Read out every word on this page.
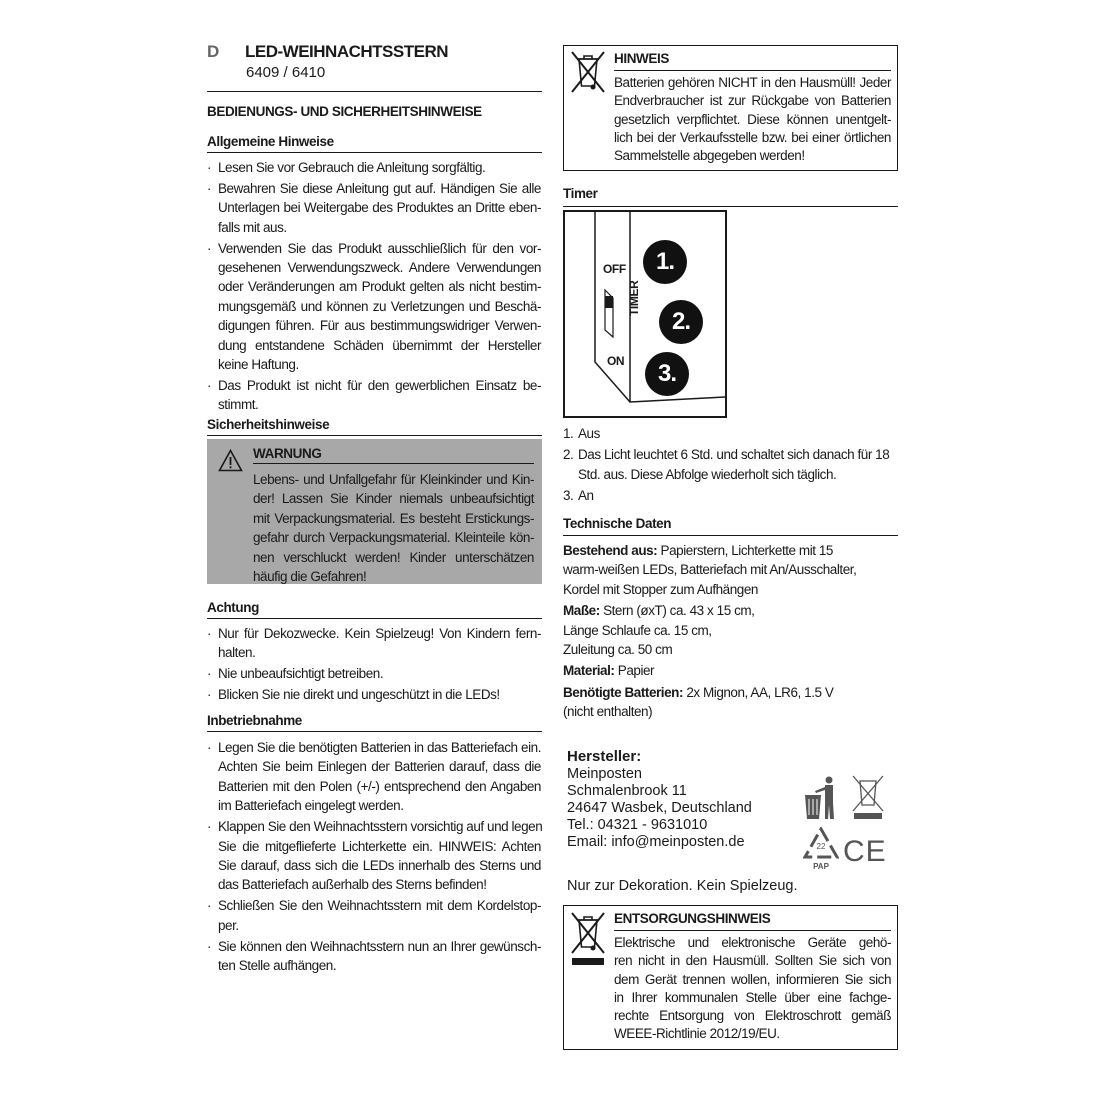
D LED-WEIHNACHTSSTERN
6409 / 6410
BEDIENUNGS- UND SICHERHEITSHINWEISE
Allgemeine Hinweise
· Lesen Sie vor Gebrauch die Anleitung sorgfältig.
· Bewahren Sie diese Anleitung gut auf. Händigen Sie alle
Unterlagen bei Weitergabe des Produktes an Dritte eben-
falls mit aus.
· Verwenden Sie das Produkt ausschließlich für den vor-
gesehenen Verwendungszweck. Andere Verwendungen
oder Veränderungen am Produkt gelten als nicht bestim-
mungsgemäß und können zu Verletzungen und Beschä-
digungen führen. Für aus bestimmungswidriger Verwen-
dung entstandene Schäden übernimmt der Hersteller
keine Haftung.
· Das Produkt ist nicht für den gewerblichen Einsatz be-
stimmt.
Sicherheitshinweise
WARNUNG
Lebens- und Unfallgefahr für Kleinkinder und Kin-
der! Lassen Sie Kinder niemals unbeaufsichtigt
mit Verpackungsmaterial. Es besteht Erstickungs-
gefahr durch Verpackungsmaterial. Kleinteile kön-
nen verschluckt werden! Kinder unterschätzen
häufig die Gefahren!
Achtung
· Nur für Dekozwecke. Kein Spielzeug! Von Kindern fern-
halten.
· Nie unbeaufsichtigt betreiben.
· Blicken Sie nie direkt und ungeschützt in die LEDs!
Inbetriebnahme
· Legen Sie die benötigten Batterien in das Batteriefach ein.
Achten Sie beim Einlegen der Batterien darauf, dass die
Batterien mit den Polen (+/-) entsprechend den Angaben
im Batteriefach eingelegt werden.
· Klappen Sie den Weihnachtsstern vorsichtig auf und legen
Sie die mitgeflieferte Lichterkette ein. HINWEIS: Achten
Sie darauf, dass sich die LEDs innerhalb des Sterns und
das Batteriefach außerhalb des Sterns befinden!
· Schließen Sie den Weihnachtsstern mit dem Kordelstop-
per.
· Sie können den Weihnachtsstern nun an Ihrer gewünsch-
ten Stelle aufhängen.
HINWEIS
Batterien gehören NICHT in den Hausmüll! Jeder
Endverbraucher ist zur Rückgabe von Batterien
gesetzlich verpflichtet. Diese können unentgelt-
lich bei der Verkaufsstelle bzw. bei einer örtlichen
Sammelstelle abgegeben werden!
Timer
OFF
ON
TIMER
1.
2.
3.
1. Aus
2. Das Licht leuchtet 6 Std. und schaltet sich danach für 18
Std. aus. Diese Abfolge wiederholt sich täglich.
3. An
Technische Daten
Bestehend aus: Papierstern, Lichterkette mit 15
warm-weißen LEDs, Batteriefach mit An/Ausschalter,
Kordel mit Stopper zum Aufhängen
Maße: Stern (øxT) ca. 43 x 15 cm,
Länge Schlaufe ca. 15 cm,
Zuleitung ca. 50 cm
Material: Papier
Benötigte Batterien: 2x Mignon, AA, LR6, 1.5 V
(nicht enthalten)
Hersteller:
Meinposten
Schmalenbrook 11
24647 Wasbek, Deutschland
Tel.: 04321 - 9631010
Email: info@meinposten.de	22
PAP CE
Nur zur Dekoration. Kein Spielzeug.
ENTSORGUNGSHINWEIS
Elektrische und elektronische Geräte gehö-
ren nicht in den Hausmüll. Sollten Sie sich von
dem Gerät trennen wollen, informieren Sie sich
in Ihrer kommunalen Stelle über eine fachge-
rechte Entsorgung von Elektroschrott gemäß
WEEE-Richtlinie 2012/19/EU.
